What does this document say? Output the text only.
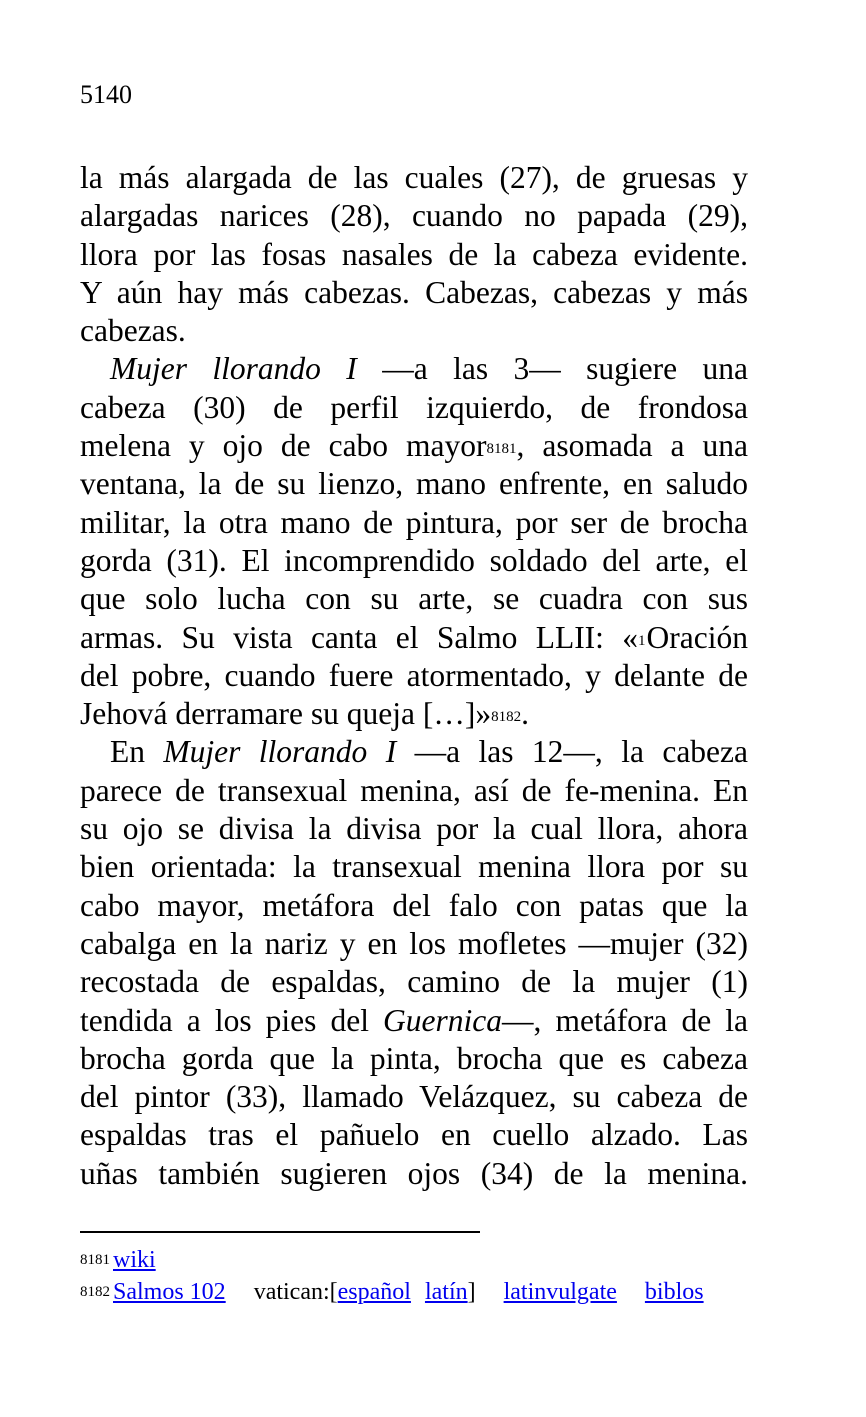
5140
la más alargada de las cuales (27), de gruesas y
alargadas narices (28), cuando no papada (29),
llora por las fosas nasales de la cabeza evidente.
Y aún hay más cabezas. Cabezas, cabezas y más
cabezas.
Mujer llorando I —a las 3— sugiere una
cabeza (30) de perfil izquierdo, de frondosa
melena y ojo de cabo mayor$^{8181}$, asomada a una
ventana, la de su lienzo, mano enfrente, en saludo
militar, la otra mano de pintura, por ser de brocha
gorda (31). El incomprendido soldado del arte, el
que solo lucha con su arte, se cuadra con sus
armas. Su vista canta el Salmo LLII: «$^1$Oración
del pobre, cuando fuere atormentado, y delante de
Jehová derramare su queja […]»$^{8182}$.
En Mujer llorando I —a las 12—, la cabeza
parece de transexual menina, así de fe-menina. En
su ojo se divisa la divisa por la cual llora, ahora
bien orientada: la transexual menina llora por su
cabo mayor, metáfora del falo con patas que la
cabalga en la nariz y en los mofletes —mujer (32)
recostada de espaldas, camino de la mujer (1)
tendida a los pies del Guernica—, metáfora de la
brocha gorda que la pinta, brocha que es cabeza
del pintor (33), llamado Velázquez, su cabeza de
espaldas tras el pañuelo en cuello alzado. Las
uñas también sugieren ojos (34) de la menina.
$^{8181}$ wiki
$^{8182}$ Salmos 102 vatican:[español latín] latinvulgate biblos
